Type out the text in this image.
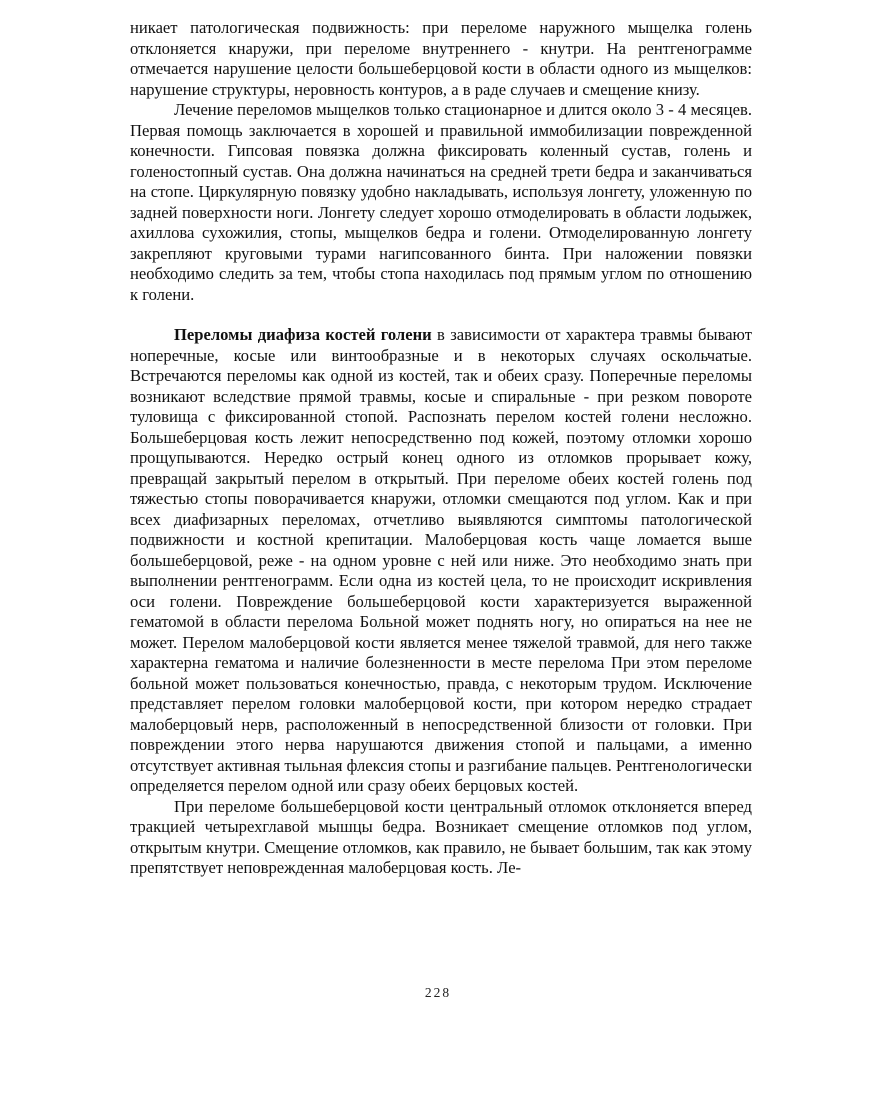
никает патологическая подвижность: при переломе наружного мыщелка голень отклоняется кнаружи, при переломе внутреннего - кнутри. На рентгенограмме отмечается нарушение целости большеберцовой кости в области одного из мыщелков: нарушение структуры, неровность контуров, а в раде случаев и смещение книзу.

Лечение переломов мыщелков только стационарное и длится около 3 - 4 месяцев. Первая помощь заключается в хорошей и правильной иммобилизации поврежденной конечности. Гипсовая повязка должна фиксировать коленный сустав, голень и голеностопный сустав. Она должна начинаться на средней трети бедра и заканчиваться на стопе. Циркулярную повязку удобно накладывать, используя лонгету, уложенную по задней поверхности ноги. Лонгету следует хорошо отмоделировать в области лодыжек, ахиллова сухожилия, стопы, мыщелков бедра и голени. Отмоделированную лонгету закрепляют круговыми турами нагипсованного бинта. При наложении повязки необходимо следить за тем, чтобы стопа находилась под прямым углом по отношению к голени.

Переломы диафиза костей голени в зависимости от характера травмы бывают ноперечные, косые или винтообразные и в некоторых случаях оскольчатые. Встречаются переломы как одной из костей, так и обеих сразу. Поперечные переломы возникают вследствие прямой травмы, косые и спиральные - при резком повороте туловища с фиксированной стопой. Распознать перелом костей голени несложно. Большеберцовая кость лежит непосредственно под кожей, поэтому отломки хорошо прощупываются. Нередко острый конец одного из отломков прорывает кожу, превращай закрытый перелом в открытый. При переломе обеих костей голень под тяжестью стопы поворачивается кнаружи, отломки смещаются под углом. Как и при всех диафизарных переломах, отчетливо выявляются симптомы патологической подвижности и костной крепитации. Малоберцовая кость чаще ломается выше большеберцовой, реже - на одном уровне с ней или ниже. Это необходимо знать при выполнении рентгенограмм. Если одна из костей цела, то не происходит искривления оси голени. Повреждение большеберцовой кости характеризуется выраженной гематомой в области перелома Больной может поднять ногу, но опираться на нее не может. Перелом малоберцовой кости является менее тяжелой травмой, для него также характерна гематома и наличие болезненности в месте перелома При этом переломе больной может пользоваться конечностью, правда, с некоторым трудом. Исключение представляет перелом головки малоберцовой кости, при котором нередко страдает малоберцовый нерв, расположенный в непосредственной близости от головки. При повреждении этого нерва нарушаются движения стопой и пальцами, а именно отсутствует активная тыльная флексия стопы и разгибание пальцев. Рентгенологически определяется перелом одной или сразу обеих берцовых костей.

При переломе большеберцовой кости центральный отломок отклоняется вперед тракцией четырехглавой мышцы бедра. Возникает смещение отломков под углом, открытым кнутри. Смещение отломков, как правило, не бывает большим, так как этому препятствует неповрежденная малоберцовая кость. Ле-

228
